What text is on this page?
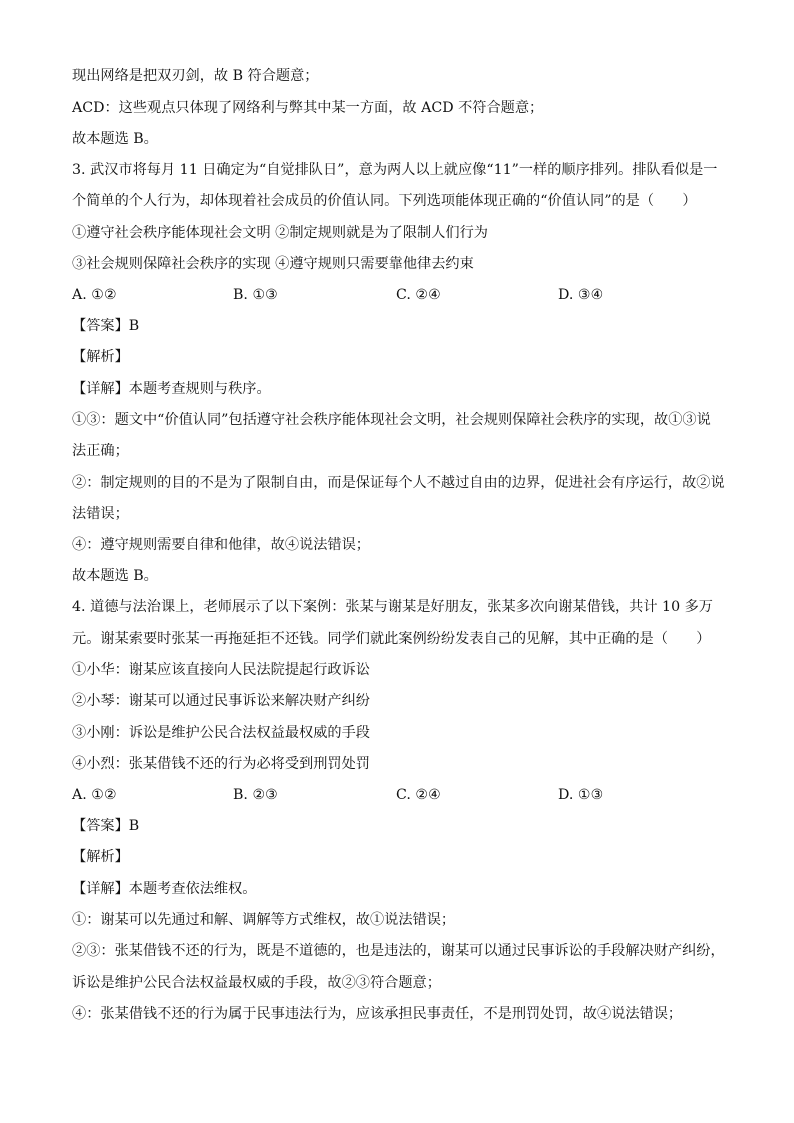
现出网络是把双刃剑，故 B 符合题意；
ACD：这些观点只体现了网络利与弊其中某一方面，故 ACD 不符合题意；
故本题选 B。
3. 武汉市将每月 11 日确定为“自觉排队日”，意为两人以上就应像“11”一样的顺序排列。排队看似是一
个简单的个人行为，却体现着社会成员的价值认同。下列选项能体现正确的“价值认同”的是（　　）
①遵守社会秩序能体现社会文明 ②制定规则就是为了限制人们行为
③社会规则保障社会秩序的实现 ④遵守规则只需要靠他律去约束
A. ①②	B. ①③	C. ②④	D. ③④
【答案】B
【解析】
【详解】本题考查规则与秩序。
①③：题文中“价值认同”包括遵守社会秩序能体现社会文明，社会规则保障社会秩序的实现，故①③说
法正确；
②：制定规则的目的不是为了限制自由，而是保证每个人不越过自由的边界，促进社会有序运行，故②说
法错误；
④：遵守规则需要自律和他律，故④说法错误；
故本题选 B。
4. 道德与法治课上，老师展示了以下案例：张某与谢某是好朋友，张某多次向谢某借钱，共计 10 多万
元。谢某索要时张某一再拖延拒不还钱。同学们就此案例纷纷发表自己的见解，其中正确的是（　　）
①小华：谢某应该直接向人民法院提起行政诉讼
②小琴：谢某可以通过民事诉讼来解决财产纠纷
③小刚：诉讼是维护公民合法权益最权威的手段
④小烈：张某借钱不还的行为必将受到刑罚处罚
A. ①②	B. ②③	C. ②④	D. ①③
【答案】B
【解析】
【详解】本题考查依法维权。
①：谢某可以先通过和解、调解等方式维权，故①说法错误；
②③：张某借钱不还的行为，既是不道德的，也是违法的，谢某可以通过民事诉讼的手段解决财产纠纷，
诉讼是维护公民合法权益最权威的手段，故②③符合题意；
④：张某借钱不还的行为属于民事违法行为，应该承担民事责任，不是刑罚处罚，故④说法错误；
